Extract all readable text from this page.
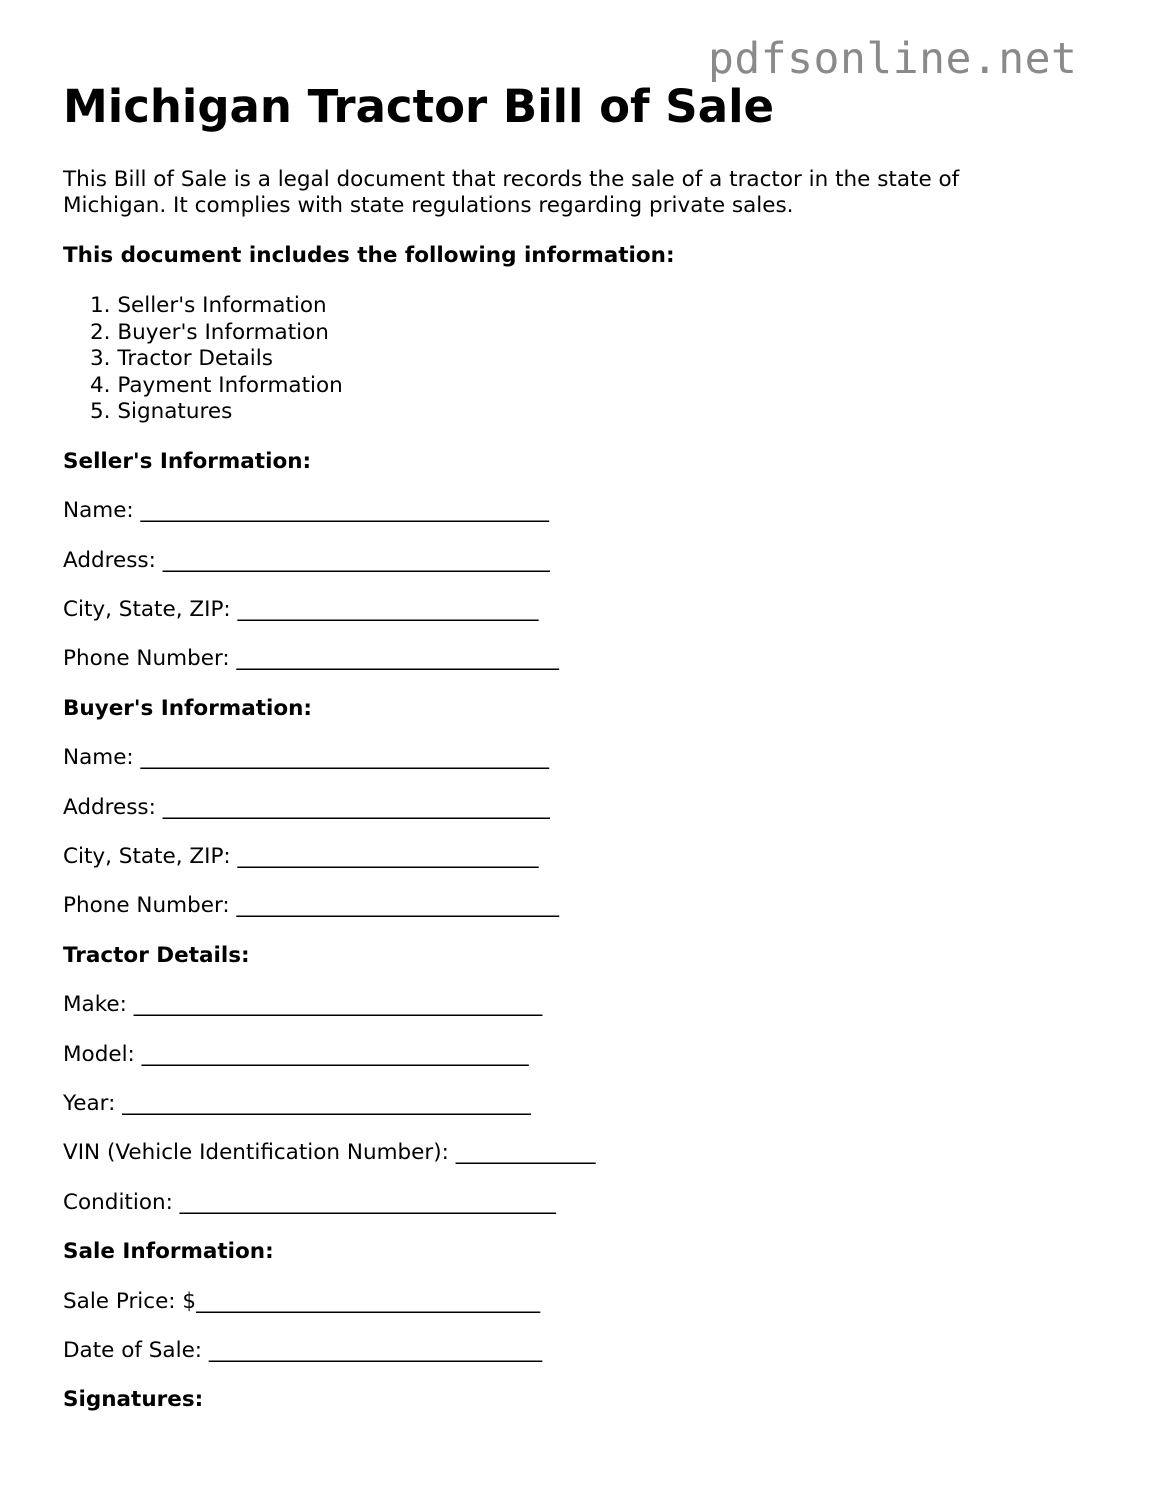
pdfsonline.net
Michigan Tractor Bill of Sale

This Bill of Sale is a legal document that records the sale of a tractor in the state of Michigan. It complies with state regulations regarding private sales.

This document includes the following information:

1. Seller's Information
2. Buyer's Information
3. Tractor Details
4. Payment Information
5. Signatures

Seller's Information:

Name: ______________________________________

Address: ____________________________________

City, State, ZIP: ____________________________

Phone Number: ______________________________

Buyer's Information:

Name: ______________________________________

Address: ____________________________________

City, State, ZIP: ____________________________

Phone Number: ______________________________

Tractor Details:

Make: ______________________________________

Model: ____________________________________

Year: ______________________________________

VIN (Vehicle Identification Number): _____________

Condition: ___________________________________

Sale Information:

Sale Price: $________________________________

Date of Sale: _______________________________

Signatures:
